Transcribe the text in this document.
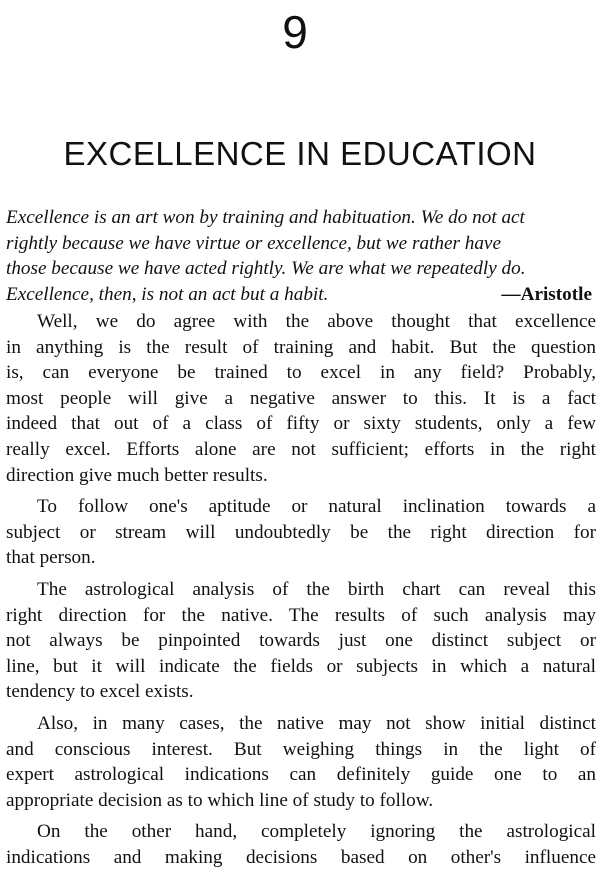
9
EXCELLENCE IN EDUCATION
Excellence is an art won by training and habituation. We do not act
rightly because we have virtue or excellence, but we rather have
those because we have acted rightly. We are what we repeatedly do.
Excellence, then, is not an act but a habit.	—Aristotle
Well, we do agree with the above thought that excellence
in anything is the result of training and habit. But the question
is, can everyone be trained to excel in any field? Probably,
most people will give a negative answer to this. It is a fact
indeed that out of a class of fifty or sixty students, only a few
really excel. Efforts alone are not sufficient; efforts in the right
direction give much better results.
To follow one's aptitude or natural inclination towards a
subject or stream will undoubtedly be the right direction for
that person.
The astrological analysis of the birth chart can reveal this
right direction for the native. The results of such analysis may
not always be pinpointed towards just one distinct subject or
line, but it will indicate the fields or subjects in which a natural
tendency to excel exists.
Also, in many cases, the native may not show initial distinct
and conscious interest. But weighing things in the light of
expert astrological indications can definitely guide one to an
appropriate decision as to which line of study to follow.
On the other hand, completely ignoring the astrological
indications and making decisions based on other's influence
